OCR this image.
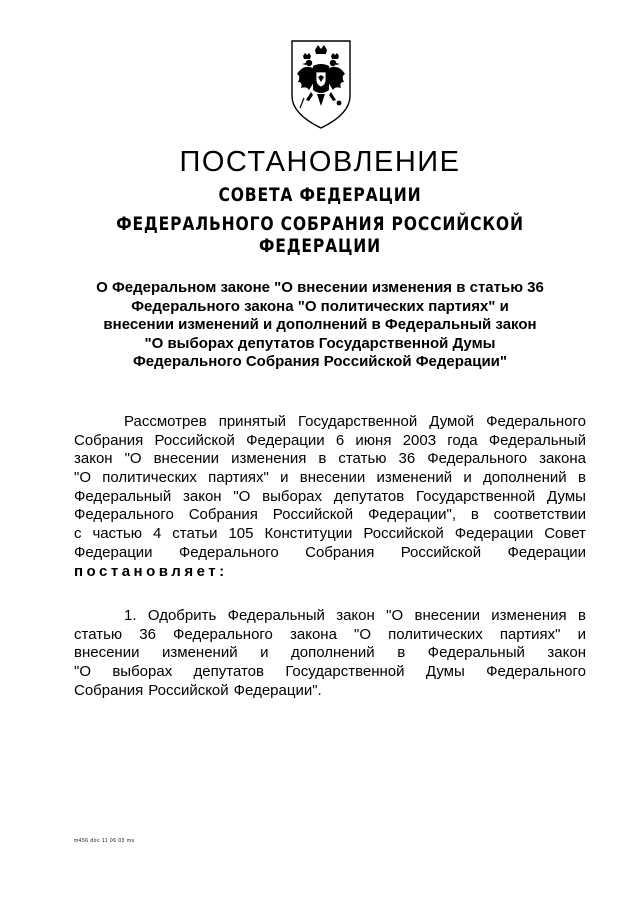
ПОСТАНОВЛЕНИЕ
СОВЕТА ФЕДЕРАЦИИ
ФЕДЕРАЛЬНОГО СОБРАНИЯ РОССИЙСКОЙ ФЕДЕРАЦИИ
О Федеральном законе "О внесении изменения в статью 36
Федерального закона "О политических партиях" и
внесении изменений и дополнений в Федеральный закон
"О выборах депутатов Государственной Думы
Федерального Собрания Российской Федерации"
Рассмотрев принятый Государственной Думой Федерального
Собрания Российской Федерации 6 июня 2003 года Федеральный
закон "О внесении изменения в статью 36 Федерального закона
"О политических партиях" и внесении изменений и дополнений в
Федеральный закон "О выборах депутатов Государственной Думы
Федерального Собрания Российской Федерации", в соответствии
с частью 4 статьи 105 Конституции Российской Федерации Совет
Федерации Федерального Собрания Российской Федерации
постановляет:
1. Одобрить Федеральный закон "О внесении изменения в
статью 36 Федерального закона "О политических партиях" и
внесении изменений и дополнений в Федеральный закон
"О выборах депутатов Государственной Думы Федерального
Собрания Российской Федерации".
m456 doc 11 06 03 ms
